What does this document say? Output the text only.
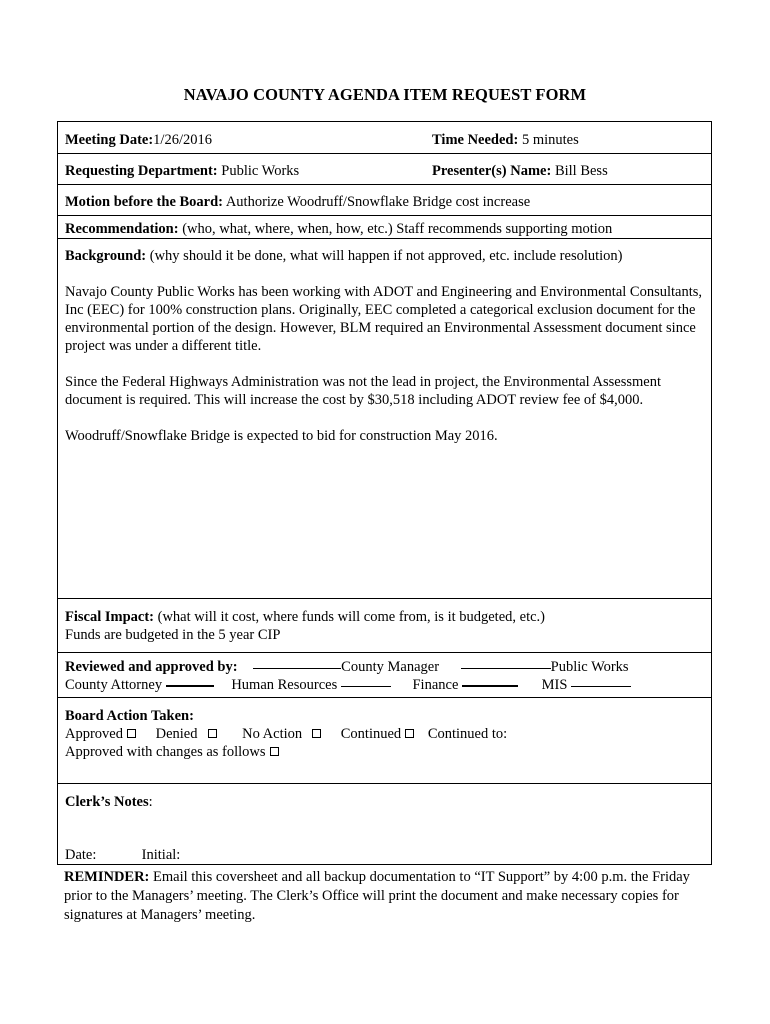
NAVAJO COUNTY AGENDA ITEM REQUEST FORM
Meeting Date:1/26/2016	Time Needed: 5 minutes
Requesting Department: Public Works	Presenter(s) Name: Bill Bess
Motion before the Board: Authorize Woodruff/Snowflake Bridge cost increase
Recommendation: (who, what, where, when, how, etc.) Staff recommends supporting motion

Background: (why should it be done, what will happen if not approved, etc. include resolution)

Navajo County Public Works has been working with ADOT and Engineering and Environmental Consultants, Inc (EEC) for 100% construction plans. Originally, EEC completed a categorical exclusion document for the environmental portion of the design. However, BLM required an Environmental Assessment document since project was under a different title.

Since the Federal Highways Administration was not the lead in project, the Environmental Assessment document is required. This will increase the cost by $30,518 including ADOT review fee of $4,000.

Woodruff/Snowflake Bridge is expected to bid for construction May 2016.

Fiscal Impact: (what will it cost, where funds will come from, is it budgeted, etc.)
Funds are budgeted in the 5 year CIP
Reviewed and approved by:	County Manager	Public Works
County Attorney	Human Resources	Finance	MIS
Board Action Taken:
Approved Denied	No Action	Continued Continued to:
Approved with changes as follows
Clerk’s Notes:
Date:	Initial:
REMINDER: Email this coversheet and all backup documentation to “IT Support” by 4:00 p.m. the Friday prior to the Managers’ meeting. The Clerk’s Office will print the document and make necessary copies for signatures at Managers’ meeting.
